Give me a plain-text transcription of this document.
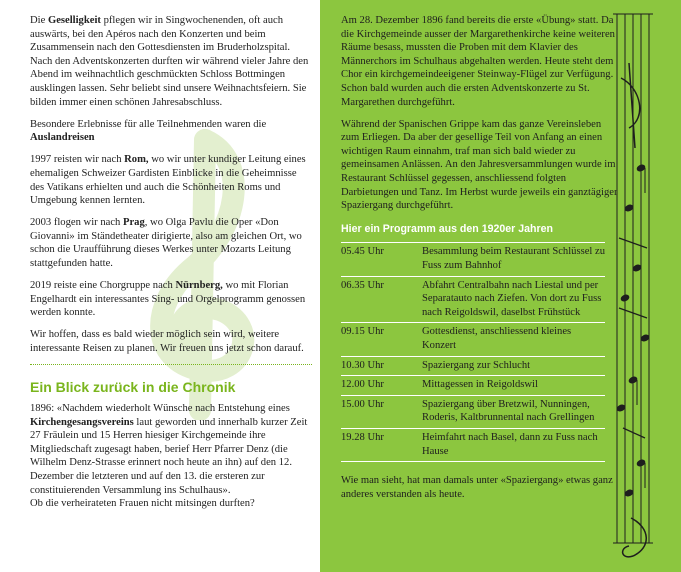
Die Geselligkeit pflegen wir in Singwochenenden, oft auch auswärts, bei den Apéros nach den Konzerten und beim Zusammensein nach den Gottesdiensten im Bruderholzspital. Nach den Adventskonzerten durften wir während vieler Jahre den Abend im weihnachtlich geschmückten Schloss Bottmingen ausklingen lassen. Sehr beliebt sind unsere Weihnachtsfeiern. Sie bilden immer einen schönen Jahresabschluss.

Besondere Erlebnisse für alle Teilnehmenden waren die Auslandreisen

1997 reisten wir nach Rom, wo wir unter kundiger Leitung eines ehemaligen Schweizer Gardisten Einblicke in die Geheimnisse des Vatikans erhielten und auch die Schönheiten Roms und Umgebung kennen lernten.

2003 flogen wir nach Prag, wo Olga Pavlu die Oper «Don Giovanni» im Ständetheater dirigierte, also am gleichen Ort, wo schon die Uraufführung dieses Werkes unter Mozarts Leitung stattgefunden hatte.

2019 reiste eine Chorgruppe nach Nürnberg, wo mit Florian Engelhardt ein interessantes Sing- und Orgelprogramm genossen werden konnte.

Wir hoffen, dass es bald wieder möglich sein wird, weitere interessante Reisen zu planen. Wir freuen uns jetzt schon darauf.

Ein Blick zurück in die Chronik

1896: «Nachdem wiederholt Wünsche nach Entstehung eines Kirchengesangsvereins laut geworden und innerhalb kurzer Zeit 27 Fräulein und 15 Herren hiesiger Kirchgemeinde ihre Mitgliedschaft zugesagt haben, berief Herr Pfarrer Denz (die Wilhelm Denz-Strasse erinnert noch heute an ihn) auf den 12. Dezember die letzteren und auf den 13. die ersteren zur constituierenden Versammlung ins Schulhaus».

Ob die verheirateten Frauen nicht mitsingen durften?

Am 28. Dezember 1896 fand bereits die erste «Übung» statt. Da die Kirchgemeinde ausser der Margarethenkirche keine weiteren Räume besass, mussten die Proben mit dem Klavier des Männerchors im Schulhaus abgehalten werden. Heute steht dem Chor ein kirchgemeindeeigener Steinway-Flügel zur Verfügung. Schon bald wurden auch die ersten Adventskonzerte zu St. Margarethen durchgeführt.

Während der Spanischen Grippe kam das ganze Vereinsleben zum Erliegen. Da aber der gesellige Teil von Anfang an einen wichtigen Raum einnahm, traf man sich bald wieder zu gemeinsamen Anlässen. An den Jahresversammlungen wurde im Restaurant Schlüssel gegessen, anschliessend folgten Darbietungen und Tanz. Im Herbst wurde jeweils ein ganztägiger Spaziergang durchgeführt.

Hier ein Programm aus den 1920er Jahren
05.45 Uhr	Besammlung beim Restaurant Schlüssel zu Fuss zum Bahnhof
06.35 Uhr	Abfahrt Centralbahn nach Liestal und per Separatauto nach Ziefen. Von dort zu Fuss nach Reigoldswil, daselbst Frühstück
09.15 Uhr	Gottesdienst, anschliessend kleines Konzert
10.30 Uhr	Spaziergang zur Schlucht
12.00 Uhr	Mittagessen in Reigoldswil
15.00 Uhr	Spaziergang über Bretzwil, Nunningen, Roderis, Kaltbrunnental nach Grellingen
19.28 Uhr	Heimfahrt nach Basel, dann zu Fuss nach Hause

Wie man sieht, hat man damals unter «Spaziergang» etwas ganz anderes verstanden als heute.
